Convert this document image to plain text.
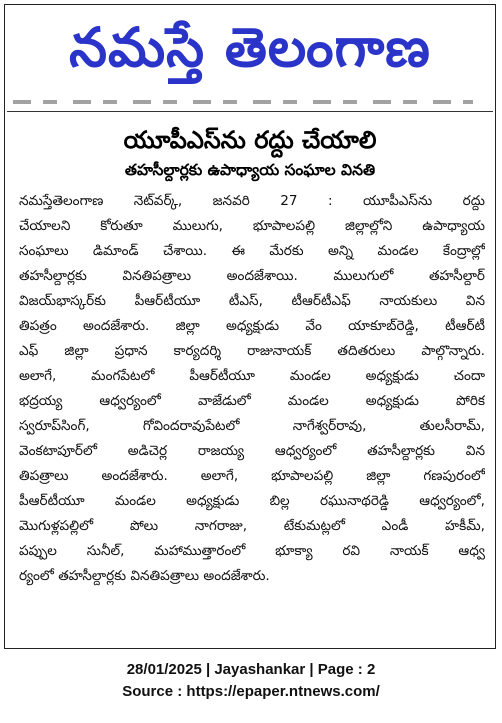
నమస్తే తెలంగాణ
యూపీఎస్‌ను రద్దు చేయాలి
తహసీల్దార్లకు ఉపాధ్యాయ సంఘాల వినతి
నమస్తేతెలంగాణ నెట్‌వర్క్‌, జనవరి 27 : యూపీఎస్‌ను రద్దు
చేయాలని కోరుతూ ములుగు, భూపాలపల్లి జిల్లాల్లోని ఉపాధ్యాయ
సంఘాలు డిమాండ్‌ చేశాయి. ఈ మేరకు అన్ని మండల కేంద్రాల్లో
తహసీల్దార్లకు వినతిపత్రాలు అందజేశాయి. ములుగులో తహసీల్దార్‌
విజయ్‌భాస్కర్‌కు పీఆర్‌టీయూ టీఎస్‌, టీఆర్‌టీఎఫ్‌ నాయకులు విన
తిపత్రం అందజేశారు. జిల్లా అధ్యక్షుడు వేం యాకూబ్‌రెడ్డి, టీఆర్‌టీ
ఎఫ్‌ జిల్లా ప్రధాన కార్యదర్శి రాజునాయక్‌ తదితరులు పాల్గొన్నారు.
అలాగే, మంగపేటలో పీఆర్‌టీయూ మండల అధ్యక్షుడు చందా
భద్రయ్య ఆధ్వర్యంలో వాజేడులో మండల అధ్యక్షుడు పోరిక
స్వరూప్‌సింగ్‌, గోవిందరావుపేటలో నాగేశ్వర్‌రావు, తులసీరామ్‌,
వెంకటాపూర్‌లో అడిచెర్ల రాజయ్య ఆధ్వర్యంలో తహసీల్దార్లకు విన
తిపత్రాలు అందజేశారు. అలాగే, భూపాలపల్లి జిల్లా గణపురంలో
పీఆర్‌టీయూ మండల అధ్యక్షుడు బిల్ల రఘునాథరెడ్డి ఆధ్వర్యంలో,
మొగుళ్లపల్లిలో పోలు నాగరాజు, టేకుమట్లలో ఎండీ హకీమ్‌,
పప్పుల సునీల్‌, మహాముత్తారంలో భూక్యా రవి నాయక్‌ ఆధ్వ
ర్యంలో తహసీల్దార్లకు వినతిపత్రాలు అందజేశారు.
28/01/2025 | Jayashankar | Page : 2
Source : https://epaper.ntnews.com/
